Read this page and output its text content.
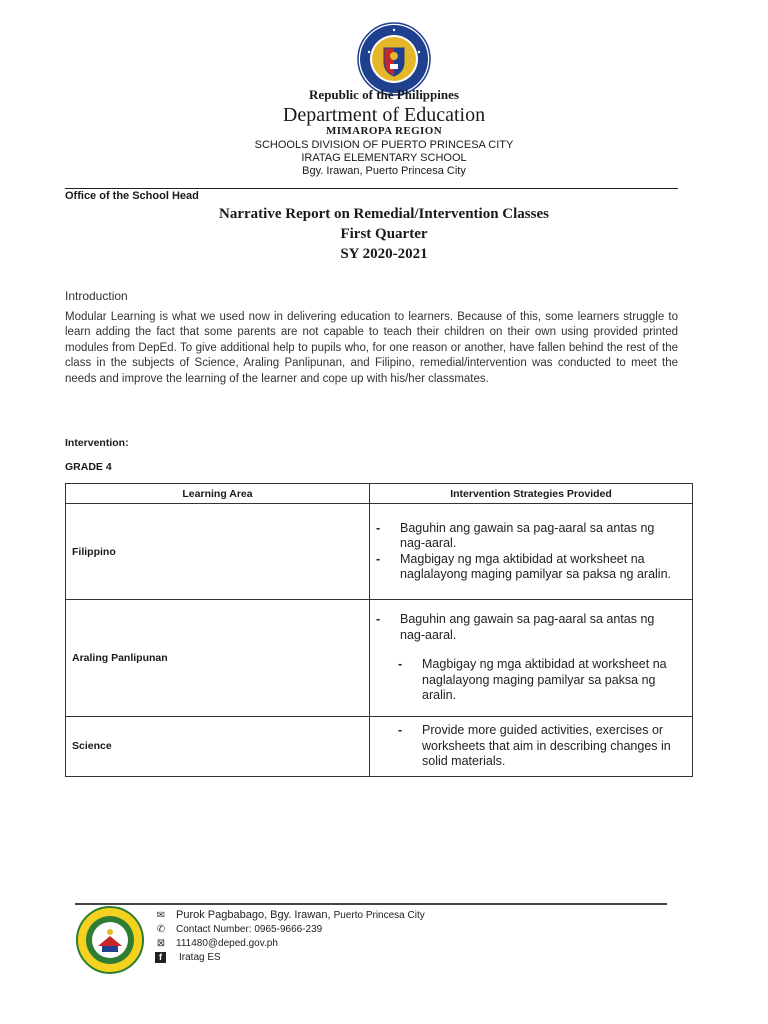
Republic of the Philippines
Department of Education
MIMAROPA REGION
SCHOOLS DIVISION OF PUERTO PRINCESA CITY
IRATAG ELEMENTARY SCHOOL
Bgy. Irawan, Puerto Princesa City
Office of the School Head
Narrative Report on Remedial/Intervention Classes
First Quarter
SY 2020-2021
Introduction
Modular Learning is what we used now in delivering education to learners. Because of this, some learners struggle to learn adding the fact that some parents are not capable to teach their children on their own using provided printed modules from DepEd. To give additional help to pupils who, for one reason or another, have fallen behind the rest of the class in the subjects of Science, Araling Panlipunan, and Filipino, remedial/intervention was conducted to meet the needs and improve the learning of the learner and cope up with his/her classmates.
Intervention:
GRADE 4
Learning Area	Intervention Strategies Provided
Filippino	- Baguhin ang gawain sa pag-aaral sa antas ng nag-aaral.
- Magbigay ng mga aktibidad at worksheet na naglalayong maging pamilyar sa paksa ng aralin.

Araling Panlipunan	- Baguhin ang gawain sa pag-aaral sa antas ng nag-aaral.
- Magbigay ng mga aktibidad at worksheet na naglalayong maging pamilyar sa paksa ng aralin.

Science	- Provide more guided activities, exercises or worksheets that aim in describing changes in solid materials.
✉ Purok Pagbabago, Bgy. Irawan,
Puerto Princesa City
✆	Contact Number: 0965-9666-239
⊠	111480@deped.gov.ph
f	Iratag ES
